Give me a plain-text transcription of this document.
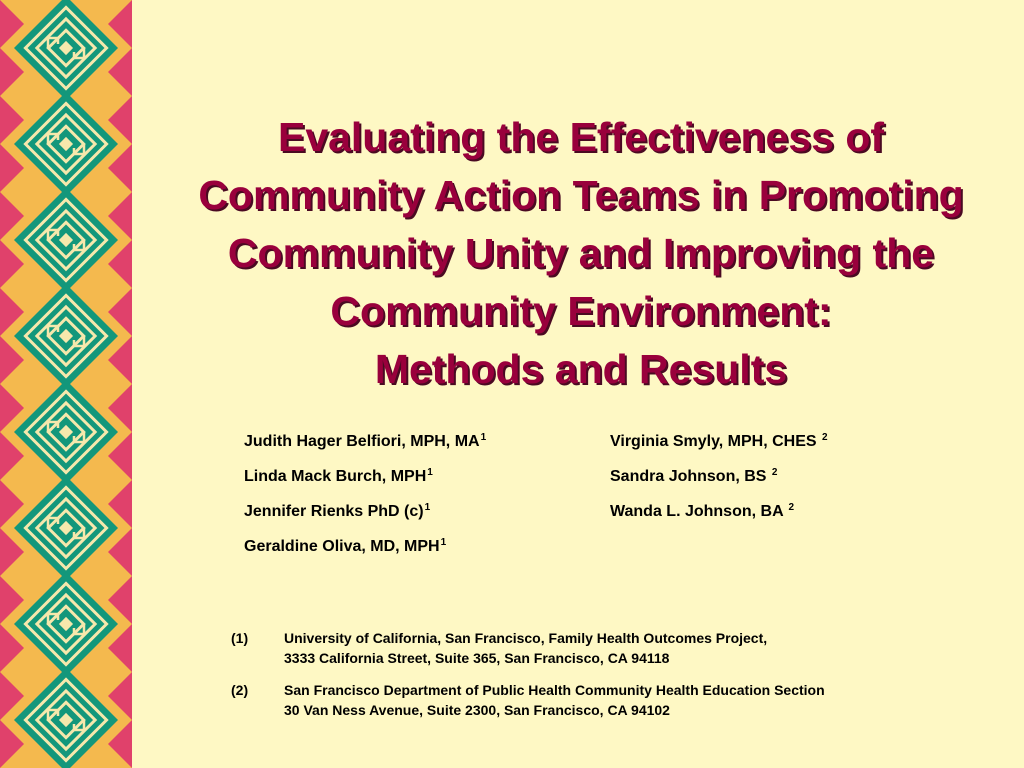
Evaluating the Effectiveness of
Community Action Teams in Promoting
Community Unity and Improving the
Community Environment:
Methods and Results
Judith Hager Belfiori, MPH, $MA^1$
Linda Mack Burch, MPH$^1$
Jennifer Rienks PhD $(c)^1$
Geraldine Oliva, MD, MPH$^1$
Virginia Smyly, MPH, CHES $^2$
Sandra Johnson, BS $^2$
Wanda L. Johnson, BA $^2$
(1)	University of California, San Francisco, Family Health Outcomes Project,
3333 California Street, Suite 365, San Francisco, CA 94118
(2)	San Francisco Department of Public Health Community Health Education Section
30 Van Ness Avenue, Suite 2300, San Francisco, CA 94102
